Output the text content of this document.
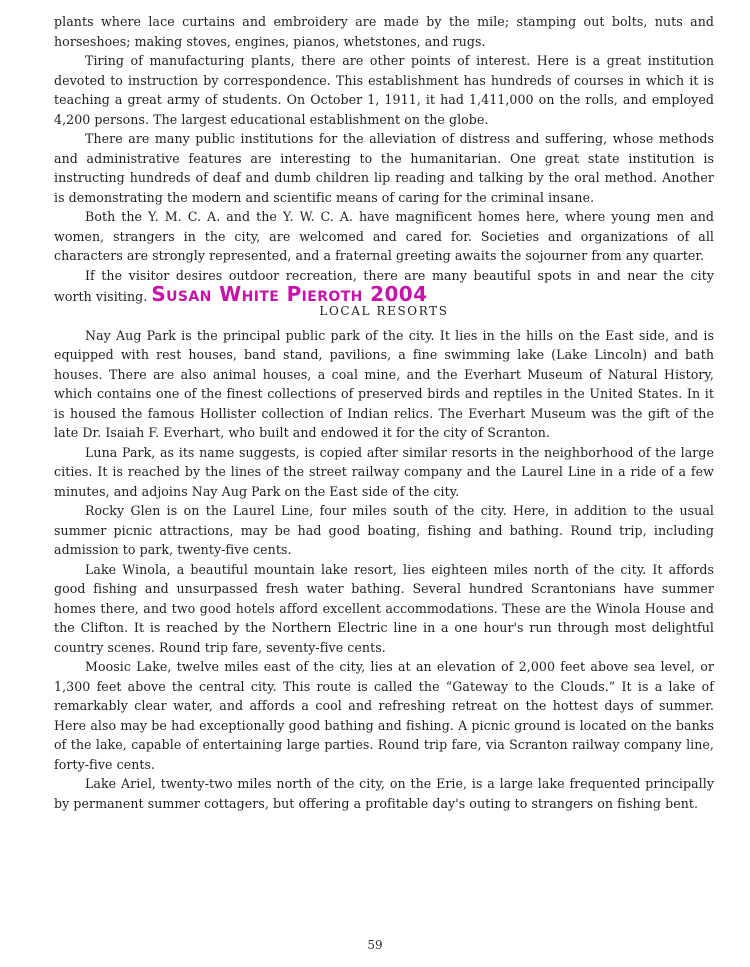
plants where lace curtains and embroidery are made by the mile; stamping out bolts, nuts and horseshoes; making stoves, engines, pianos, whetstones, and rugs.

Tiring of manufacturing plants, there are other points of interest. Here is a great institution devoted to instruction by correspondence. This establishment has hundreds of courses in which it is teaching a great army of students. On October 1, 1911, it had 1,411,000 on the rolls, and employed 4,200 persons. The largest educational establishment on the globe.

There are many public institutions for the alleviation of distress and suffering, whose methods and administrative features are interesting to the humanitarian. One great state institution is instructing hundreds of deaf and dumb children lip reading and talking by the oral method. Another is demonstrating the modern and scientific means of caring for the criminal insane.

Both the Y. M. C. A. and the Y. W. C. A. have magnificent homes here, where young men and women, strangers in the city, are welcomed and cared for. Societies and organizations of all characters are strongly represented, and a fraternal greeting awaits the sojourner from any quarter.

If the visitor desires outdoor recreation, there are many beautiful spots in and near the city worth visiting. Susan White Pieroth 2004

LOCAL RESORTS

Nay Aug Park is the principal public park of the city. It lies in the hills on the East side, and is equipped with rest houses, band stand, pavilions, a fine swimming lake (Lake Lincoln) and bath houses. There are also animal houses, a coal mine, and the Everhart Museum of Natural History, which contains one of the finest collections of preserved birds and reptiles in the United States. In it is housed the famous Hollister collection of Indian relics. The Everhart Museum was the gift of the late Dr. Isaiah F. Everhart, who built and endowed it for the city of Scranton.

Luna Park, as its name suggests, is copied after similar resorts in the neighborhood of the large cities. It is reached by the lines of the street railway company and the Laurel Line in a ride of a few minutes, and adjoins Nay Aug Park on the East side of the city.

Rocky Glen is on the Laurel Line, four miles south of the city. Here, in addition to the usual summer picnic attractions, may be had good boating, fishing and bathing. Round trip, including admission to park, twenty-five cents.

Lake Winola, a beautiful mountain lake resort, lies eighteen miles north of the city. It affords good fishing and unsurpassed fresh water bathing. Several hundred Scrantonians have summer homes there, and two good hotels afford excellent accommodations. These are the Winola House and the Clifton. It is reached by the Northern Electric line in a one hour's run through most delightful country scenes. Round trip fare, seventy-five cents.

Moosic Lake, twelve miles east of the city, lies at an elevation of 2,000 feet above sea level, or 1,300 feet above the central city. This route is called the “Gateway to the Clouds.” It is a lake of remarkably clear water, and affords a cool and refreshing retreat on the hottest days of summer. Here also may be had exceptionally good bathing and fishing. A picnic ground is located on the banks of the lake, capable of entertaining large parties. Round trip fare, via Scranton railway company line, forty-five cents.

Lake Ariel, twenty-two miles north of the city, on the Erie, is a large lake frequented principally by permanent summer cottagers, but offering a profitable day's outing to strangers on fishing bent.

59
